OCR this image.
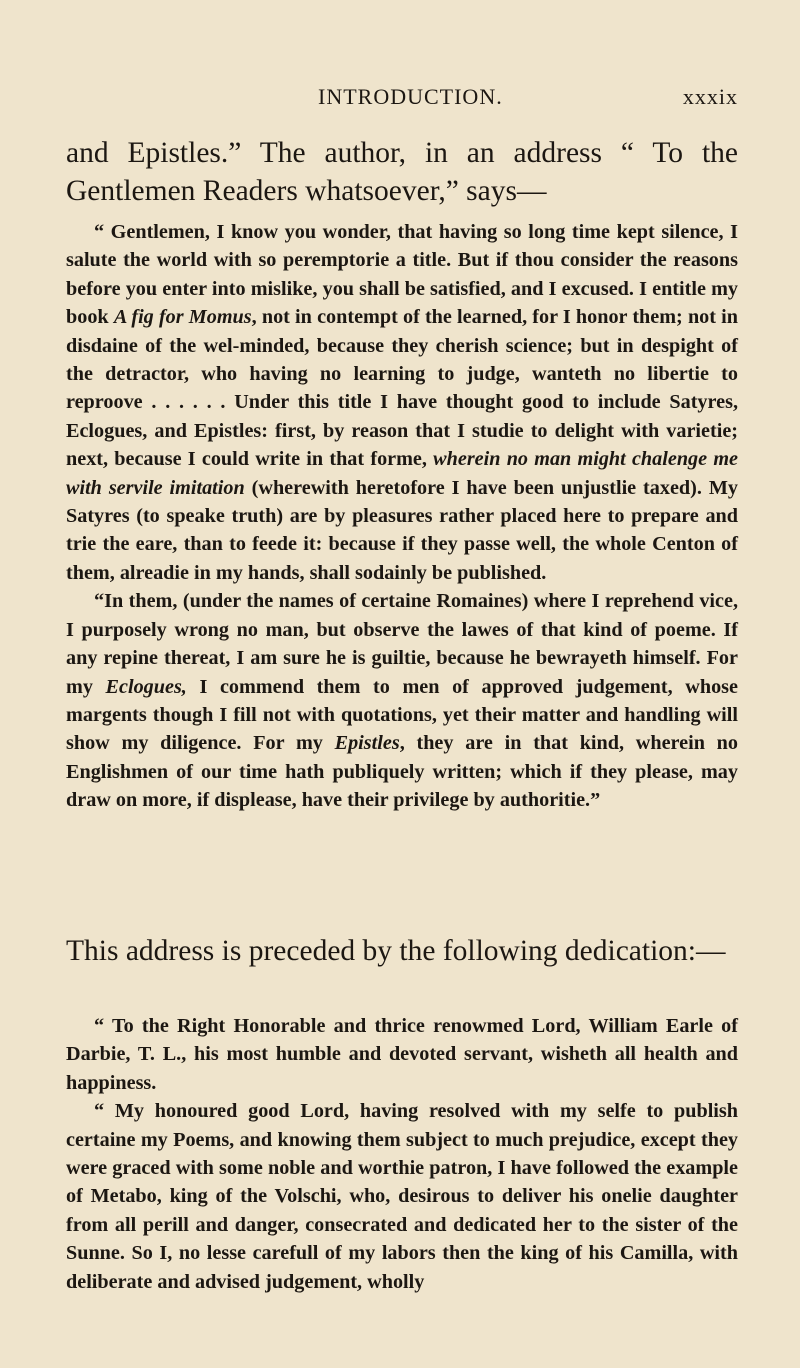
INTRODUCTION.	xxxix

and Epistles.” The author, in an address “ To the Gentlemen Readers whatsoever,” says—

“ Gentlemen, I know you wonder, that having so long time kept silence, I salute the world with so peremptorie a title. But if thou consider the reasons before you enter into mislike, you shall be satisfied, and I excused. I entitle my book A fig for Momus, not in contempt of the learned, for I honor them; not in disdaine of the wel-minded, because they cherish science; but in despight of the detractor, who having no learning to judge, wanteth no libertie to reproove . . . . . . Under this title I have thought good to include Satyres, Eclogues, and Epistles: first, by reason that I studie to delight with varietie; next, because I could write in that forme, wherein no man might chalenge me with servile imitation (wherewith heretofore I have been unjustlie taxed). My Satyres (to speake truth) are by pleasures rather placed here to prepare and trie the eare, than to feede it: because if they passe well, the whole Centon of them, alreadie in my hands, shall sodainly be published.

“In them, (under the names of certaine Romaines) where I reprehend vice, I purposely wrong no man, but observe the lawes of that kind of poeme. If any repine thereat, I am sure he is guiltie, because he bewrayeth himself. For my Eclogues, I commend them to men of approved judgement, whose margents though I fill not with quotations, yet their matter and handling will show my diligence. For my Epistles, they are in that kind, wherein no Englishmen of our time hath publiquely written; which if they please, may draw on more, if displease, have their privilege by authoritie.”

This address is preceded by the following dedication:—

“ To the Right Honorable and thrice renowmed Lord, William Earle of Darbie, T. L., his most humble and devoted servant, wisheth all health and happiness.

“ My honoured good Lord, having resolved with my selfe to publish certaine my Poems, and knowing them subject to much prejudice, except they were graced with some noble and worthie patron, I have followed the example of Metabo, king of the Volschi, who, desirous to deliver his onelie daughter from all perill and danger, consecrated and dedicated her to the sister of the Sunne. So I, no lesse carefull of my labors then the king of his Camilla, with deliberate and advised judgement, wholly
